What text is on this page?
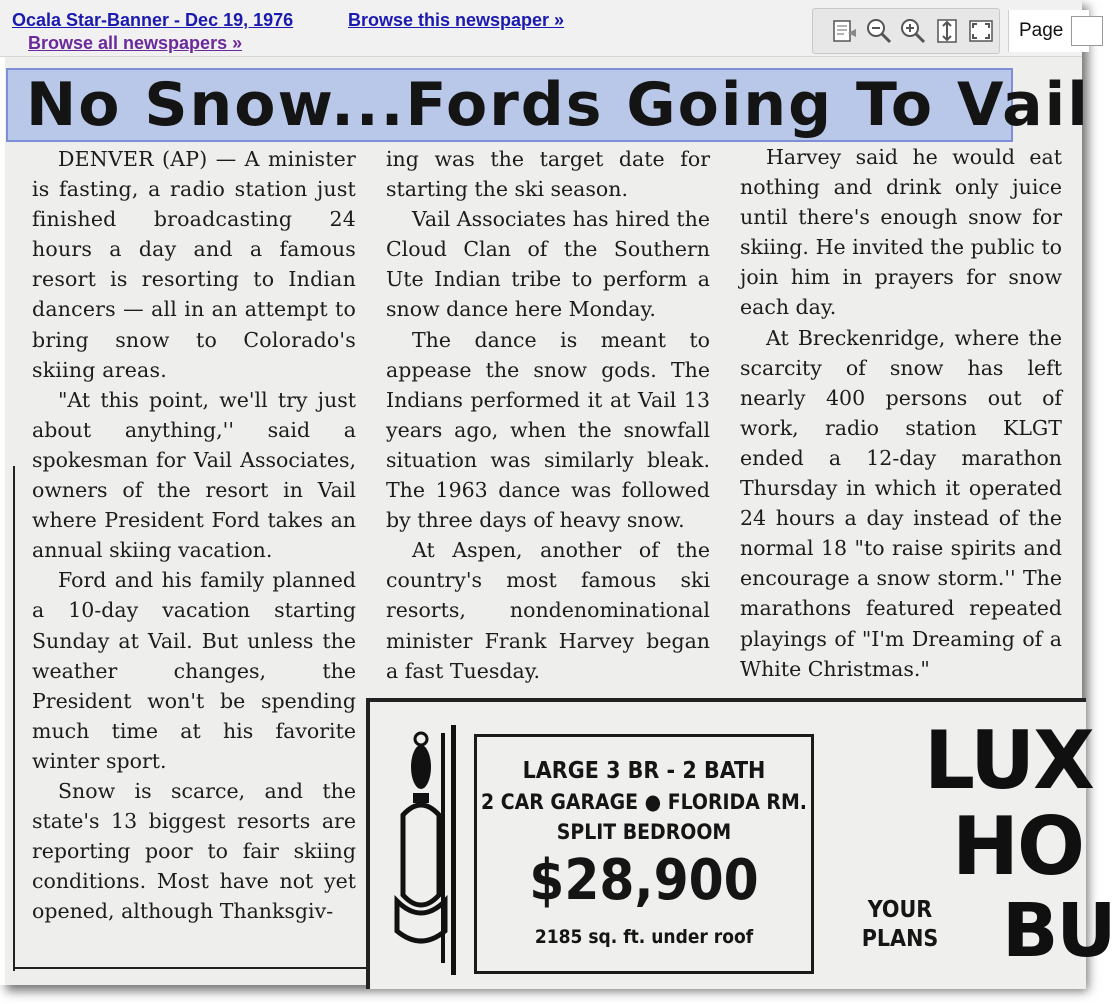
Ocala Star-Banner - Dec 19, 1976	Browse this newspaper »
Browse all newspapers »
Page
No Snow...Fords Going To Vail

DENVER (AP) — A minister is fasting, a radio station just finished broadcasting 24 hours a day and a famous resort is resorting to Indian dancers — all in an attempt to bring snow to Colorado's skiing areas.

"At this point, we'll try just about anything,'' said a spokesman for Vail Associates, owners of the resort in Vail where President Ford takes an annual skiing vacation.

Ford and his family planned a 10-day vacation starting Sunday at Vail. But unless the weather changes, the President won't be spending much time at his favorite winter sport.

Snow is scarce, and the state's 13 biggest resorts are reporting poor to fair skiing conditions. Most have not yet opened, although Thanksgiv-

ing was the target date for starting the ski season.

Vail Associates has hired the Cloud Clan of the Southern Ute Indian tribe to perform a snow dance here Monday.

The dance is meant to appease the snow gods. The Indians performed it at Vail 13 years ago, when the snowfall situation was similarly bleak. The 1963 dance was followed by three days of heavy snow.

At Aspen, another of the country's most famous ski resorts, nondenominational minister Frank Harvey began a fast Tuesday.

Harvey said he would eat nothing and drink only juice until there's enough snow for skiing. He invited the public to join him in prayers for snow each day.

At Breckenridge, where the scarcity of snow has left nearly 400 persons out of work, radio station KLGT ended a 12-day marathon Thursday in which it operated 24 hours a day instead of the normal 18 "to raise spirits and encourage a snow storm.'' The marathons featured repeated playings of "I'm Dreaming of a White Christmas."

LARGE 3 BR - 2 BATH
2 CAR GARAGE ● FLORIDA RM.
SPLIT BEDROOM
$28,900
2185 sq. ft. under roof
YOUR PLANS
LUX
HO
BU
